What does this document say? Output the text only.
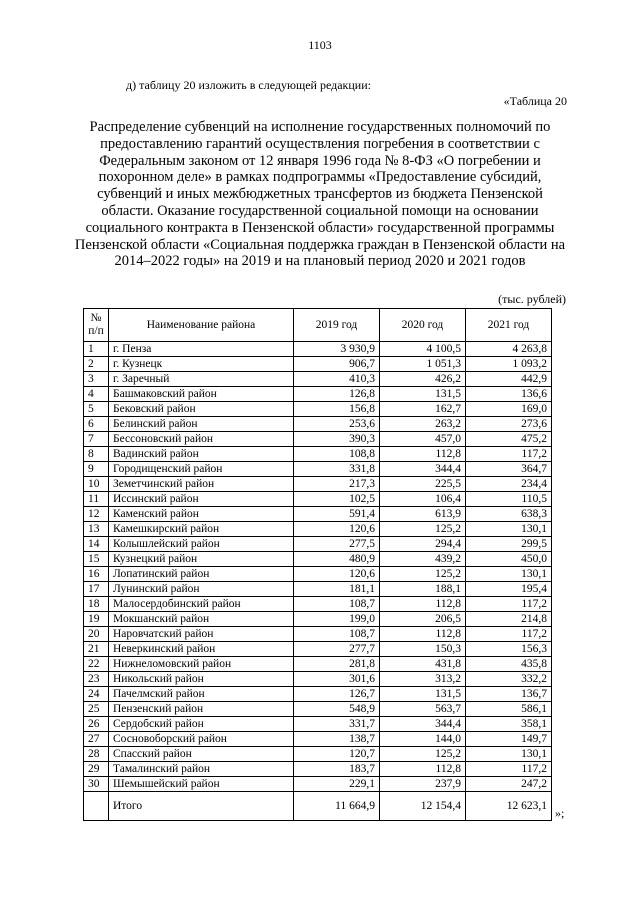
1103
д) таблицу 20 изложить в следующей редакции:
«Таблица 20
Распределение субвенций на исполнение государственных полномочий по предоставлению гарантий осуществления погребения в соответствии с Федеральным законом от 12 января 1996 года № 8-ФЗ «О погребении и похоронном деле» в рамках подпрограммы «Предоставление субсидий, субвенций и иных межбюджетных трансфертов из бюджета Пензенской области. Оказание государственной социальной помощи на основании социального контракта в Пензенской области» государственной программы Пензенской области «Социальная поддержка граждан в Пензенской области на 2014–2022 годы» на 2019 и на плановый период 2020 и 2021 годов
(тыс. рублей)
№
п/п	Наименование района	2019 год	2020 год	2021 год
1	г. Пенза	3 930,9	4 100,5	4 263,8
2	г. Кузнецк	906,7	1 051,3	1 093,2
3	г. Заречный	410,3	426,2	442,9
4	Башмаковский район	126,8	131,5	136,6
5	Бековский район	156,8	162,7	169,0
6	Белинский район	253,6	263,2	273,6
7	Бессоновский район	390,3	457,0	475,2
8	Вадинский район	108,8	112,8	117,2
9	Городищенский район	331,8	344,4	364,7
10	Земетчинский район	217,3	225,5	234,4
11	Иссинский район	102,5	106,4	110,5
12	Каменский район	591,4	613,9	638,3
13	Камешкирский район	120,6	125,2	130,1
14	Колышлейский район	277,5	294,4	299,5
15	Кузнецкий район	480,9	439,2	450,0
16	Лопатинский район	120,6	125,2	130,1
17	Лунинский район	181,1	188,1	195,4
18	Малосердобинский район	108,7	112,8	117,2
19	Мокшанский район	199,0	206,5	214,8
20	Наровчатский район	108,7	112,8	117,2
21	Неверкинский район	277,7	150,3	156,3
22	Нижнеломовский район	281,8	431,8	435,8
23	Никольский район	301,6	313,2	332,2
24	Пачелмский район	126,7	131,5	136,7
25	Пензенский район	548,9	563,7	586,1
26	Сердобский район	331,7	344,4	358,1
27	Сосновоборский район	138,7	144,0	149,7
28	Спасский район	120,7	125,2	130,1
29	Тамалинский район	183,7	112,8	117,2
30	Шемышейский район	229,1	237,9	247,2
	Итого	11 664,9	12 154,4	12 623,1 »;
